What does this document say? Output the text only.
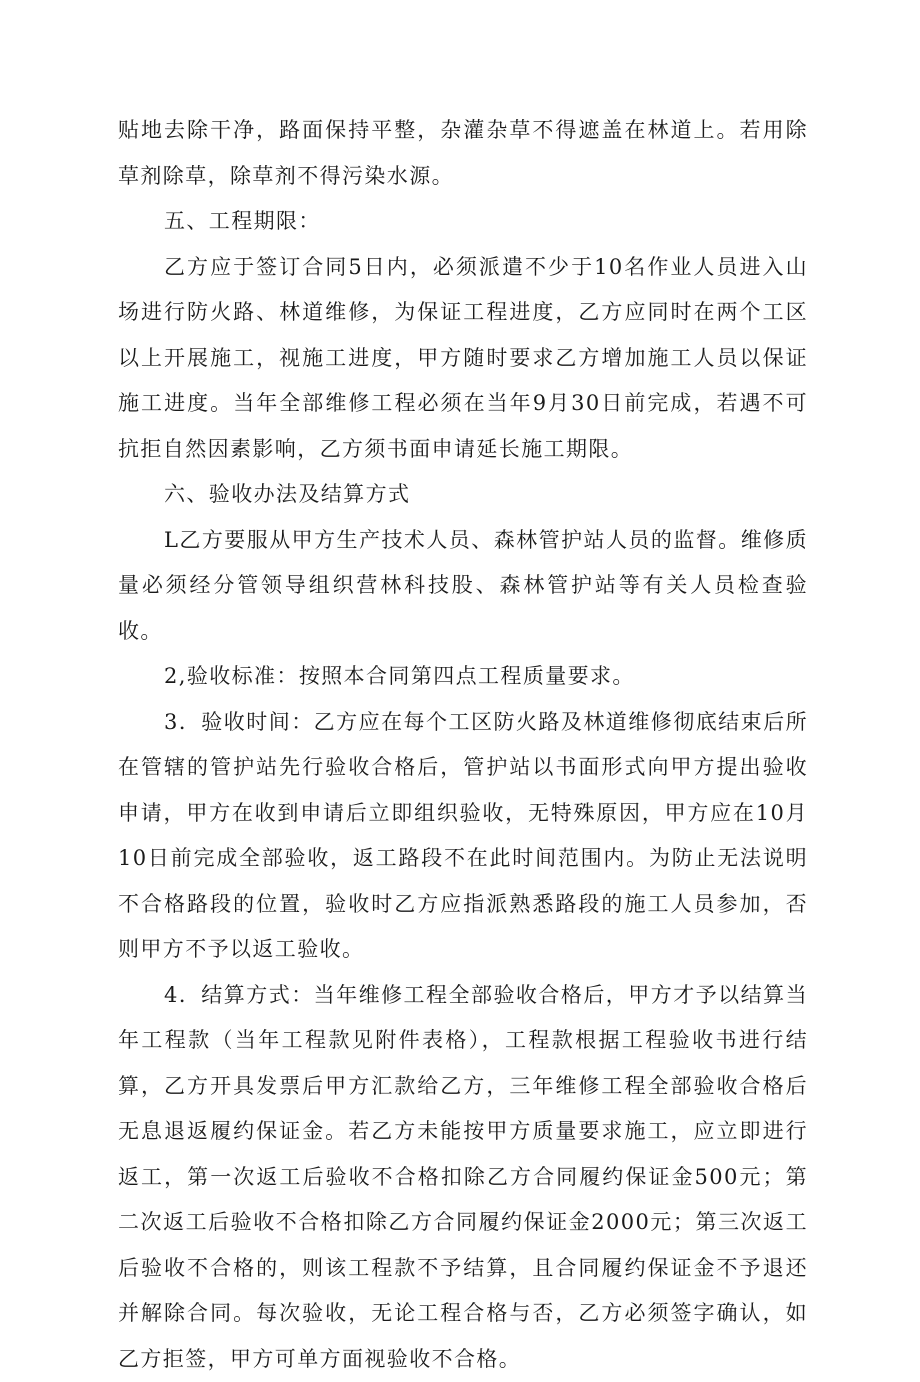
贴地去除干净，路面保持平整，杂灌杂草不得遮盖在林道上。若用除草剂除草，除草剂不得污染水源。

五、工程期限：

乙方应于签订合同5日内，必须派遣不少于10名作业人员进入山场进行防火路、林道维修，为保证工程进度，乙方应同时在两个工区以上开展施工，视施工进度，甲方随时要求乙方增加施工人员以保证施工进度。当年全部维修工程必须在当年9月30日前完成，若遇不可抗拒自然因素影响，乙方须书面申请延长施工期限。

六、验收办法及结算方式

L乙方要服从甲方生产技术人员、森林管护站人员的监督。维修质量必须经分管领导组织营林科技股、森林管护站等有关人员检查验收。

2,验收标准：按照本合同第四点工程质量要求。

3．验收时间：乙方应在每个工区防火路及林道维修彻底结束后所在管辖的管护站先行验收合格后，管护站以书面形式向甲方提出验收申请，甲方在收到申请后立即组织验收，无特殊原因，甲方应在10月10日前完成全部验收，返工路段不在此时间范围内。为防止无法说明不合格路段的位置，验收时乙方应指派熟悉路段的施工人员参加，否则甲方不予以返工验收。

4．结算方式：当年维修工程全部验收合格后，甲方才予以结算当年工程款（当年工程款见附件表格），工程款根据工程验收书进行结算，乙方开具发票后甲方汇款给乙方，三年维修工程全部验收合格后无息退返履约保证金。若乙方未能按甲方质量要求施工，应立即进行返工，第一次返工后验收不合格扣除乙方合同履约保证金500元；第二次返工后验收不合格扣除乙方合同履约保证金2000元；第三次返工后验收不合格的，则该工程款不予结算，且合同履约保证金不予退还并解除合同。每次验收，无论工程合格与否，乙方必须签字确认，如乙方拒签，甲方可单方面视验收不合格。
